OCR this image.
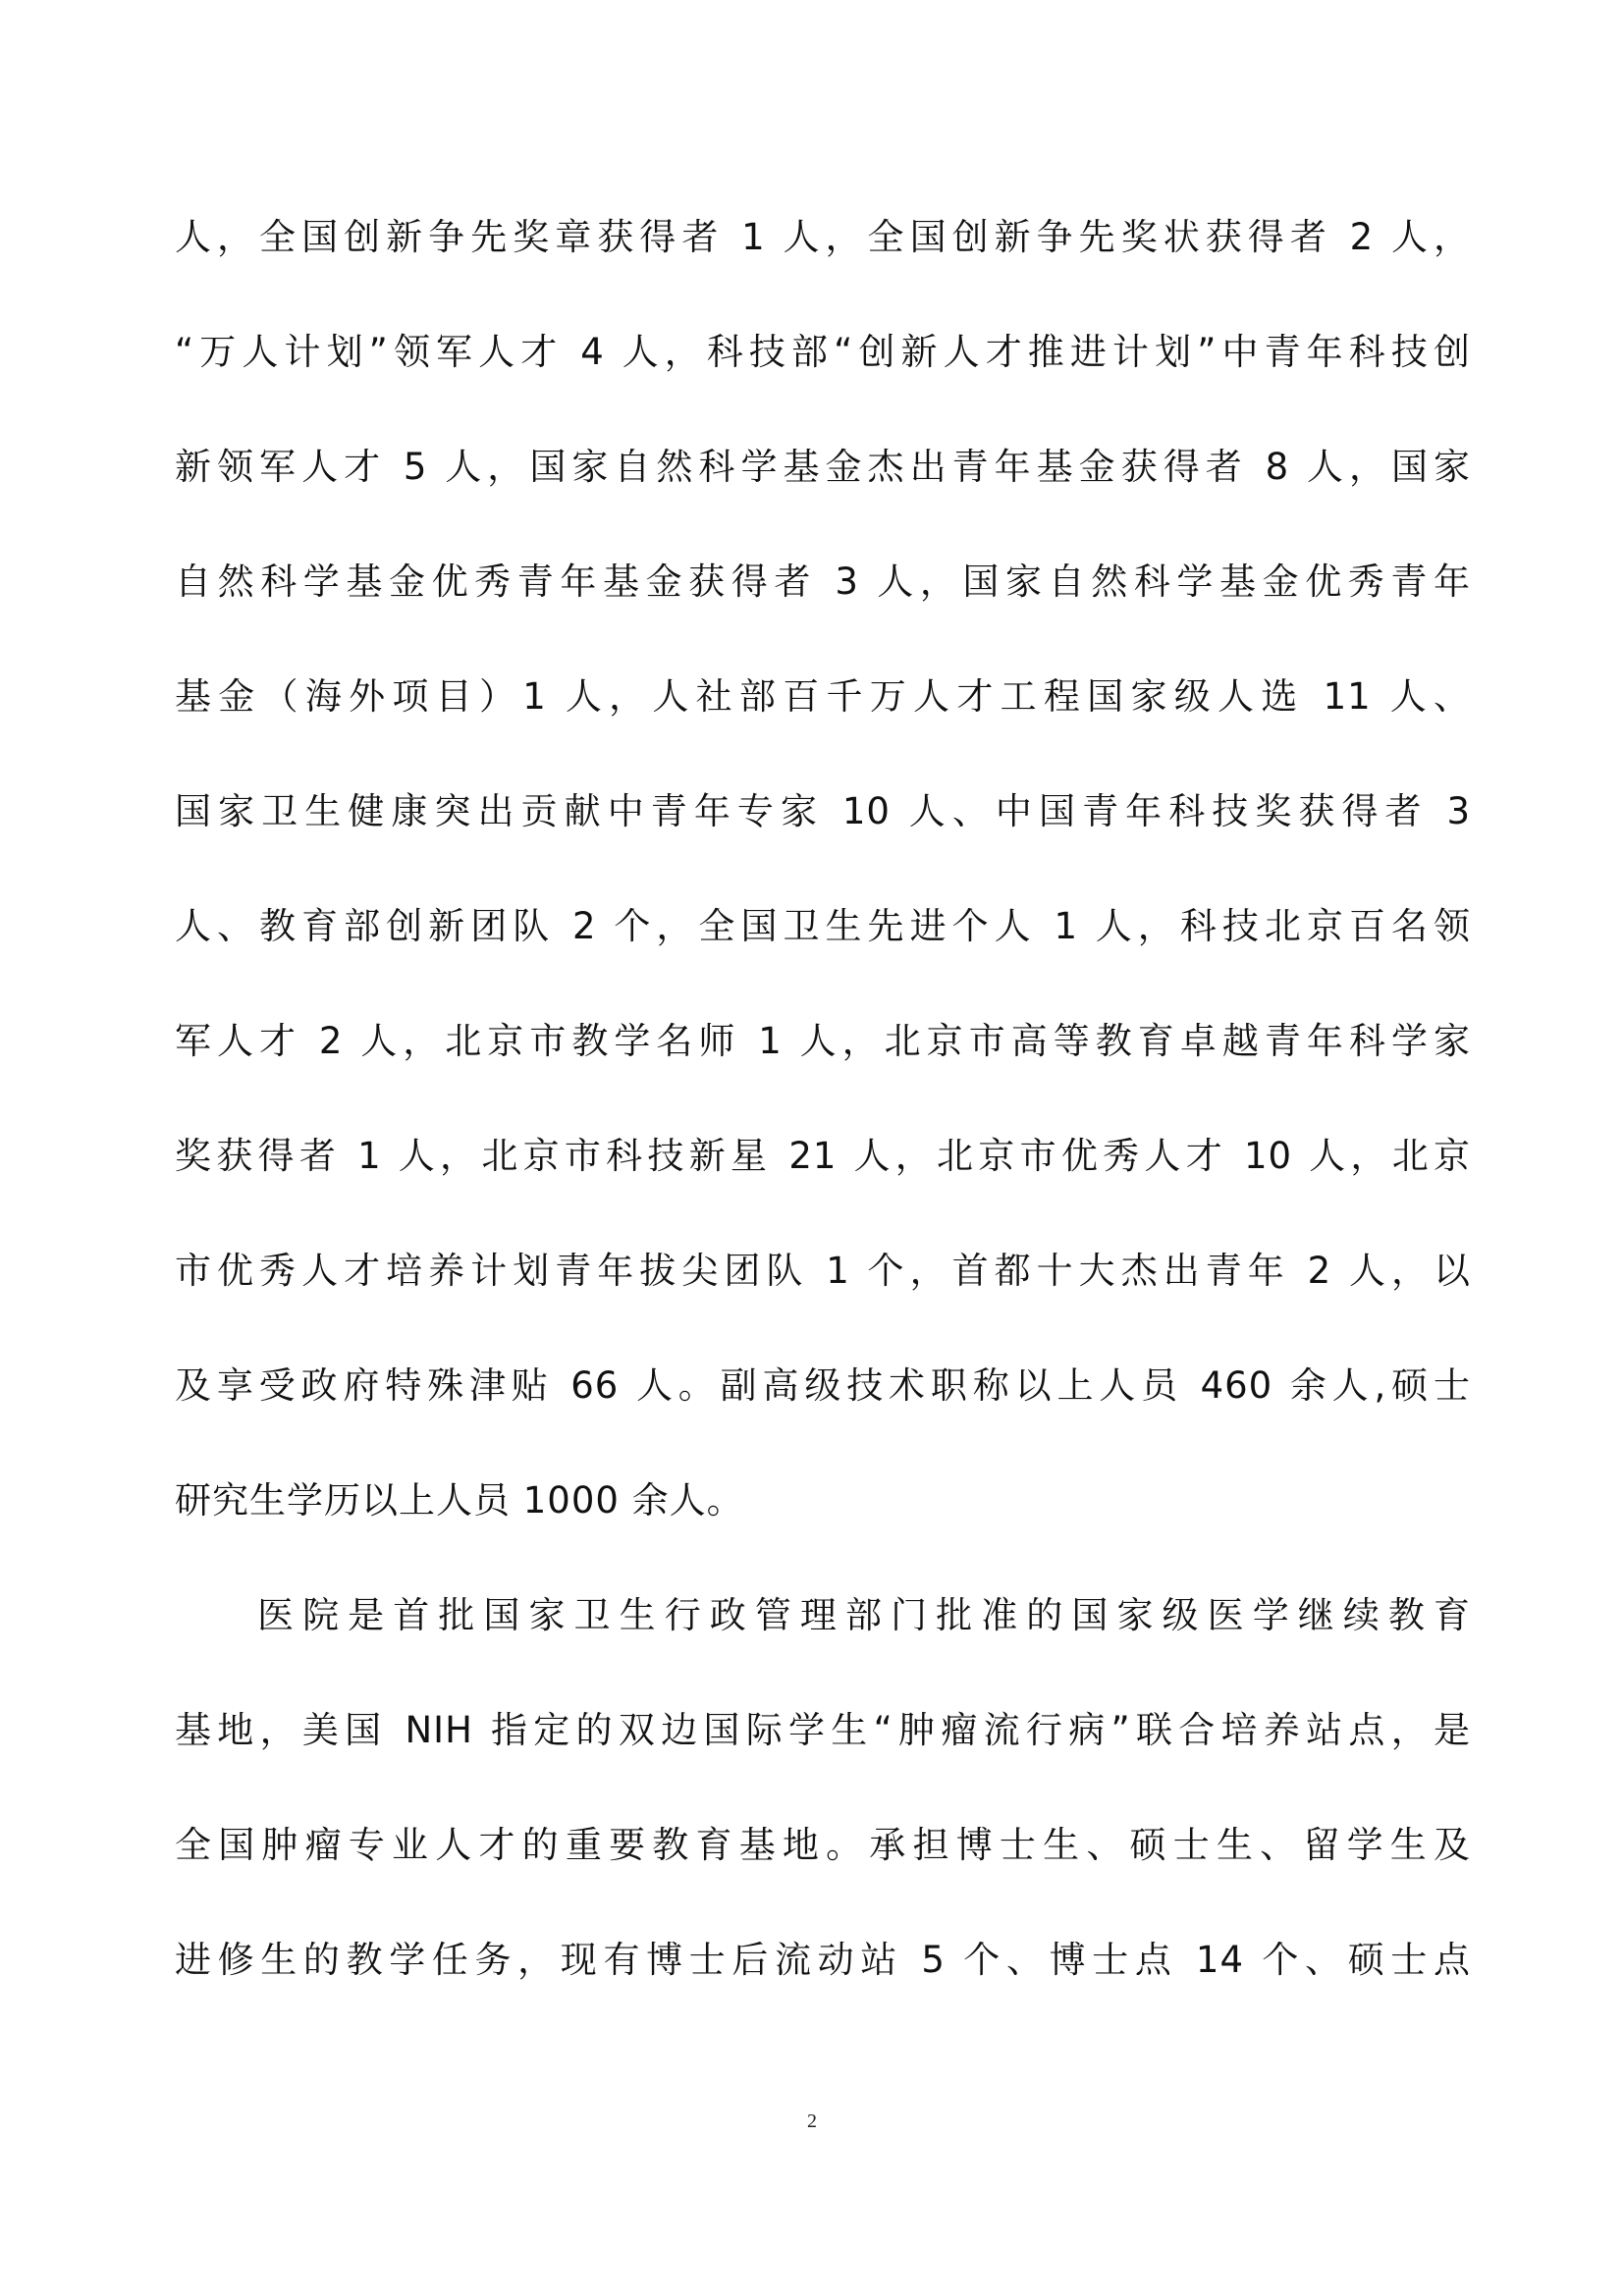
人，全国创新争先奖章获得者 1 人，全国创新争先奖状获得者 2 人，
“万人计划”领军人才 4 人，科技部“创新人才推进计划”中青年科技创
新领军人才 5 人，国家自然科学基金杰出青年基金获得者 8 人，国家
自然科学基金优秀青年基金获得者 3 人，国家自然科学基金优秀青年
基金（海外项目）1 人，人社部百千万人才工程国家级人选 11 人、
国家卫生健康突出贡献中青年专家 10 人、中国青年科技奖获得者 3
人、教育部创新团队 2 个，全国卫生先进个人 1 人，科技北京百名领
军人才 2 人，北京市教学名师 1 人，北京市高等教育卓越青年科学家
奖获得者 1 人，北京市科技新星 21 人，北京市优秀人才 10 人，北京
市优秀人才培养计划青年拔尖团队 1 个，首都十大杰出青年 2 人，以
及享受政府特殊津贴 66 人。副高级技术职称以上人员 460 余人,硕士
研究生学历以上人员 1000 余人。
医院是首批国家卫生行政管理部门批准的国家级医学继续教育
基地，美国 NIH 指定的双边国际学生“肿瘤流行病”联合培养站点，是
全国肿瘤专业人才的重要教育基地。承担博士生、硕士生、留学生及
进修生的教学任务，现有博士后流动站 5 个、博士点 14 个、硕士点
2
